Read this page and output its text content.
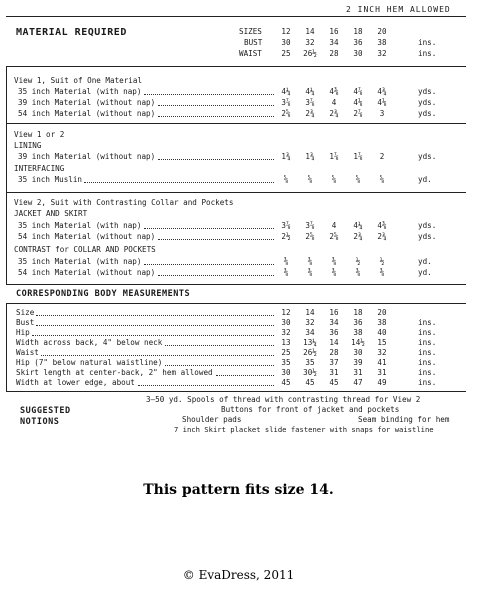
2 INCH HEM ALLOWED
MATERIAL REQUIRED	SIZES	12	14	16	18	20
BUST	30	32	34	36	38	ins.
WAIST	25	26½	28	30	32	ins.
View 1, Suit of One Material
35 inch Material (with nap)	4¼	4¼	4⅜	4⅞	4¾	yds.
39 inch Material (without nap)	3⅞	3⅞	4	4⅛	4⅛	yds.
54 inch Material (without nap)	2⅝	2¾	2¾	2⅞	3	yds.
View 1 or 2
LINING
39 inch Material (without nap)	1¾	1¾	1⅞	1⅞	2	yds.
INTERFACING
35 inch Muslin	⅝	⅝	⅝	⅝	⅝	yd.
View 2, Suit with Contrasting Collar and Pockets
JACKET AND SKIRT
35 inch Material (with nap)	3⅞	3⅞	4	4¼	4⅜	yds.
54 inch Material (without nap)	2½	2⅝	2⅝	2¾	2¾	yds.
CONTRAST for COLLAR AND POCKETS
35 inch Material (with nap)	⅜	⅜	⅜	½	½	yd.
54 inch Material (without nap)	⅜	⅜	⅜	⅜	⅜	yd.
CORRESPONDING BODY MEASUREMENTS
Size	12	14	16	18	20
Bust	30	32	34	36	38	ins.
Hip	32	34	36	38	40	ins.
Width across back, 4" below neck	13	13¼	14	14½	15	ins.
Waist	25	26½	28	30	32	ins.
Hip (7" below natural waistline)	35	35	37	39	41	ins.
Skirt length at center-back, 2" hem allowed	30	30½	31	31	31	ins.
Width at lower edge, about	45	45	45	47	49	ins.
SUGGESTED
NOTIONS
3—50 yd. Spools of thread with contrasting thread for View 2
Buttons for front of jacket and pockets
Shoulder pads	Seam binding for hem
7 inch Skirt placket slide fastener with snaps for waistline
This pattern fits size 14.
© EvaDress, 2011
